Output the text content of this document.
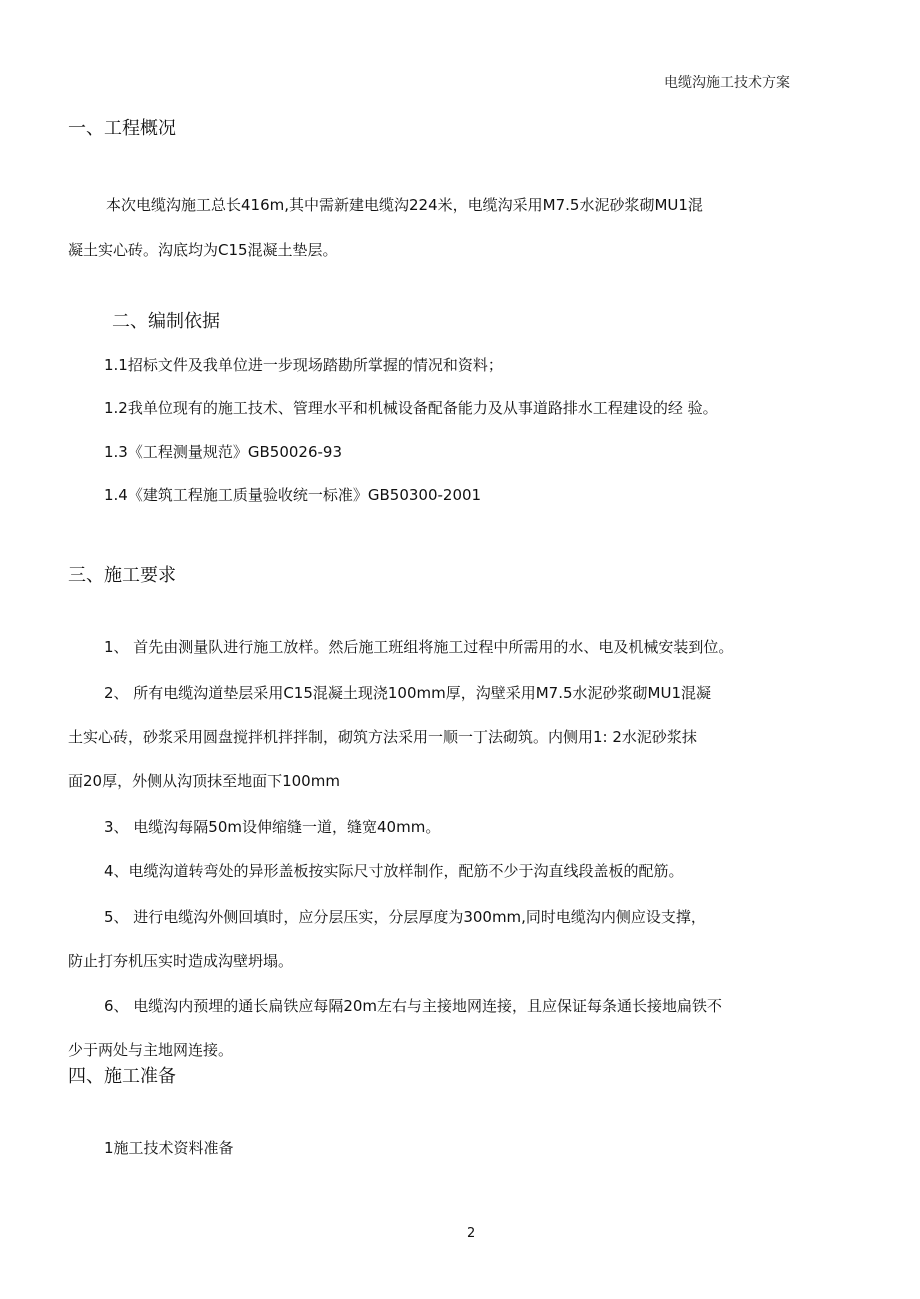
电缆沟施工技术方案
一、工程概况
本次电缆沟施工总长416m,其中需新建电缆沟224米，电缆沟采用M7.5水泥砂浆砌MU1混
凝土实心砖。沟底均为C15混凝土垫层。
二、编制依据
1.1招标文件及我单位进一步现场踏勘所掌握的情况和资料；
1.2我单位现有的施工技术、管理水平和机械设备配备能力及从事道路排水工程建设的经 验。
1.3《工程测量规范》GB50026-93
1.4《建筑工程施工质量验收统一标准》GB50300-2001
三、施工要求
1、 首先由测量队进行施工放样。然后施工班组将施工过程中所需用的水、电及机械安装到位。
2、 所有电缆沟道垫层采用C15混凝土现浇100mm厚，沟壁采用M7.5水泥砂浆砌MU1混凝
土实心砖，砂浆采用圆盘搅拌机拌拌制，砌筑方法采用一顺一丁法砌筑。内侧用1: 2水泥砂浆抹
面20厚，外侧从沟顶抹至地面下100mm
3、 电缆沟每隔50m设伸缩缝一道，缝宽40mm。
4、电缆沟道转弯处的异形盖板按实际尺寸放样制作，配筋不少于沟直线段盖板的配筋。
5、 进行电缆沟外侧回填时，应分层压实，分层厚度为300mm,同时电缆沟内侧应设支撑，
防止打夯机压实时造成沟壁坍塌。
6、 电缆沟内预埋的通长扁铁应每隔20m左右与主接地网连接，且应保证每条通长接地扁铁不
少于两处与主地网连接。
四、施工准备
1施工技术资料准备
2
